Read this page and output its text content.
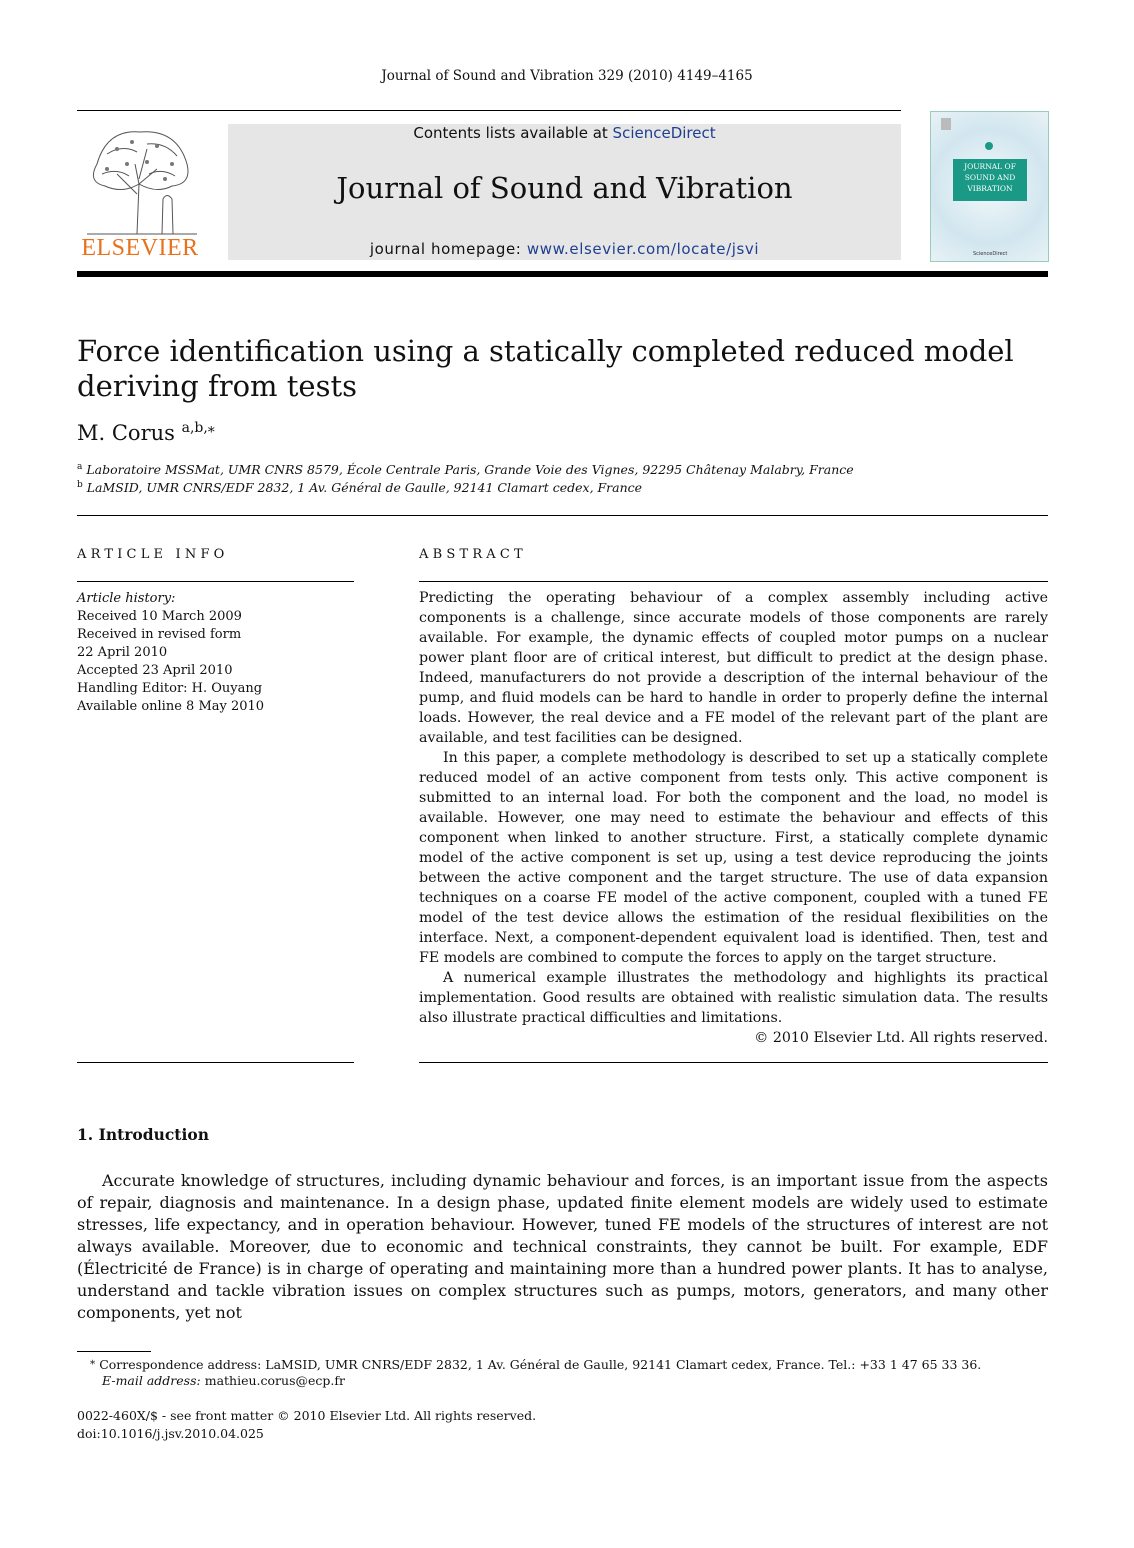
Journal of Sound and Vibration 329 (2010) 4149–4165
ELSEVIER
Contents lists available at ScienceDirect
Journal of Sound and Vibration
journal homepage: www.elsevier.com/locate/jsvi
JOURNAL OF SOUND AND VIBRATION
ScienceDirect
Force identification using a statically completed reduced model deriving from tests
M. Corus $^{a,b,⁎}$
$^a$ Laboratoire MSSMat, UMR CNRS 8579, École Centrale Paris, Grande Voie des Vignes, 92295 Châtenay Malabry, France
$^b$ LaMSID, UMR CNRS/EDF 2832, 1 Av. Général de Gaulle, 92141 Clamart cedex, France
ARTICLE INFO
Article history:
Received 10 March 2009
Received in revised form
22 April 2010
Accepted 23 April 2010
Handling Editor: H. Ouyang
Available online 8 May 2010
ABSTRACT

Predicting the operating behaviour of a complex assembly including active components is a challenge, since accurate models of those components are rarely available. For example, the dynamic effects of coupled motor pumps on a nuclear power plant floor are of critical interest, but difficult to predict at the design phase. Indeed, manufacturers do not provide a description of the internal behaviour of the pump, and fluid models can be hard to handle in order to properly define the internal loads. However, the real device and a FE model of the relevant part of the plant are available, and test facilities can be designed.

In this paper, a complete methodology is described to set up a statically complete reduced model of an active component from tests only. This active component is submitted to an internal load. For both the component and the load, no model is available. However, one may need to estimate the behaviour and effects of this component when linked to another structure. First, a statically complete dynamic model of the active component is set up, using a test device reproducing the joints between the active component and the target structure. The use of data expansion techniques on a coarse FE model of the active component, coupled with a tuned FE model of the test device allows the estimation of the residual flexibilities on the interface. Next, a component-dependent equivalent load is identified. Then, test and FE models are combined to compute the forces to apply on the target structure.

A numerical example illustrates the methodology and highlights its practical implementation. Good results are obtained with realistic simulation data. The results also illustrate practical difficulties and limitations.

© 2010 Elsevier Ltd. All rights reserved.

1. Introduction
Accurate knowledge of structures, including dynamic behaviour and forces, is an important issue from the aspects of repair, diagnosis and maintenance. In a design phase, updated finite element models are widely used to estimate stresses, life expectancy, and in operation behaviour. However, tuned FE models of the structures of interest are not always available. Moreover, due to economic and technical constraints, they cannot be built. For example, EDF (Électricité de France) is in charge of operating and maintaining more than a hundred power plants. It has to analyse, understand and tackle vibration issues on complex structures such as pumps, motors, generators, and many other components, yet not
⁎ Correspondence address: LaMSID, UMR CNRS/EDF 2832, 1 Av. Général de Gaulle, 92141 Clamart cedex, France. Tel.: +33 1 47 65 33 36.
E-mail address: mathieu.corus@ecp.fr
0022-460X/$ - see front matter © 2010 Elsevier Ltd. All rights reserved.
doi:10.1016/j.jsv.2010.04.025
